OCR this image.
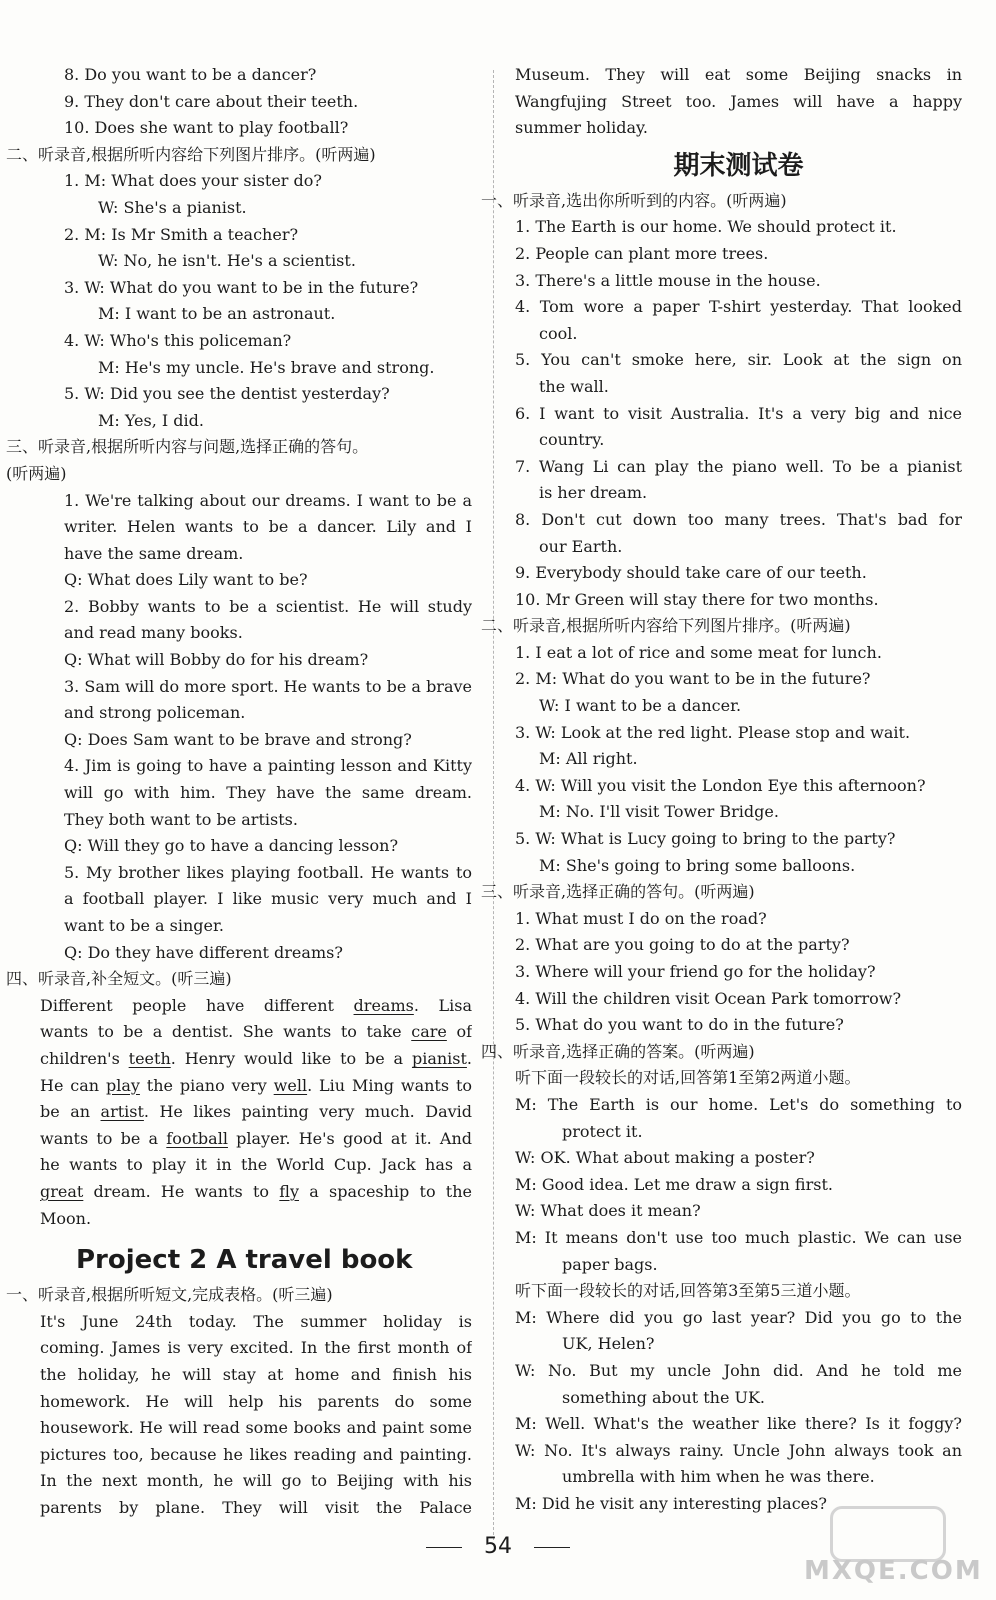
8. Do you want to be a dancer?
9. They don't care about their teeth.
10. Does she want to play football?
二、听录音,根据所听内容给下列图片排序。(听两遍)
1. M: What does your sister do?
W: She's a pianist.
2. M: Is Mr Smith a teacher?
W: No, he isn't. He's a scientist.
3. W: What do you want to be in the future?
M: I want to be an astronaut.
4. W: Who's this policeman?
M: He's my uncle. He's brave and strong.
5. W: Did you see the dentist yesterday?
M: Yes, I did.
三、听录音,根据所听内容与问题,选择正确的答句。
(听两遍)
1. We're talking about our dreams. I want to be a
writer. Helen wants to be a dancer. Lily and I
have the same dream.
Q: What does Lily want to be?
2. Bobby wants to be a scientist. He will study
and read many books.
Q: What will Bobby do for his dream?
3. Sam will do more sport. He wants to be a brave
and strong policeman.
Q: Does Sam want to be brave and strong?
4. Jim is going to have a painting lesson and Kitty
will go with him. They have the same dream.
They both want to be artists.
Q: Will they go to have a dancing lesson?
5. My brother likes playing football. He wants to
a football player. I like music very much and I
want to be a singer.
Q: Do they have different dreams?
四、听录音,补全短文。(听三遍)
Different people have different dreams. Lisa
wants to be a dentist. She wants to take care of
children's teeth. Henry would like to be a pianist.
He can play the piano very well. Liu Ming wants to
be an artist. He likes painting very much. David
wants to be a football player. He's good at it. And
he wants to play it in the World Cup. Jack has a
great dream. He wants to fly a spaceship to the
Moon.
Project 2 A travel book
一、听录音,根据所听短文,完成表格。(听三遍)
It's June 24th today. The summer holiday is
coming. James is very excited. In the first month of
the holiday, he will stay at home and finish his
homework. He will help his parents do some
housework. He will read some books and paint some
pictures too, because he likes reading and painting.
In the next month, he will go to Beijing with his
parents by plane. They will visit the Palace
Museum. They will eat some Beijing snacks in
Wangfujing Street too. James will have a happy
summer holiday.
期末测试卷
一、听录音,选出你所听到的内容。(听两遍)
1. The Earth is our home. We should protect it.
2. People can plant more trees.
3. There's a little mouse in the house.
4. Tom wore a paper T-shirt yesterday. That looked
cool.
5. You can't smoke here, sir. Look at the sign on
the wall.
6. I want to visit Australia. It's a very big and nice
country.
7. Wang Li can play the piano well. To be a pianist
is her dream.
8. Don't cut down too many trees. That's bad for
our Earth.
9. Everybody should take care of our teeth.
10. Mr Green will stay there for two months.
二、听录音,根据所听内容给下列图片排序。(听两遍)
1. I eat a lot of rice and some meat for lunch.
2. M: What do you want to be in the future?
W: I want to be a dancer.
3. W: Look at the red light. Please stop and wait.
M: All right.
4. W: Will you visit the London Eye this afternoon?
M: No. I'll visit Tower Bridge.
5. W: What is Lucy going to bring to the party?
M: She's going to bring some balloons.
三、听录音,选择正确的答句。(听两遍)
1. What must I do on the road?
2. What are you going to do at the party?
3. Where will your friend go for the holiday?
4. Will the children visit Ocean Park tomorrow?
5. What do you want to do in the future?
四、听录音,选择正确的答案。(听两遍)
听下面一段较长的对话,回答第1至第2两道小题。
M: The Earth is our home. Let's do something to
protect it.
W: OK. What about making a poster?
M: Good idea. Let me draw a sign first.
W: What does it mean?
M: It means don't use too much plastic. We can use
paper bags.
听下面一段较长的对话,回答第3至第5三道小题。
M: Where did you go last year? Did you go to the
UK, Helen?
W: No. But my uncle John did. And he told me
something about the UK.
M: Well. What's the weather like there? Is it foggy?
W: No. It's always rainy. Uncle John always took an
umbrella with him when he was there.
M: Did he visit any interesting places?
54
MXQE.COM
